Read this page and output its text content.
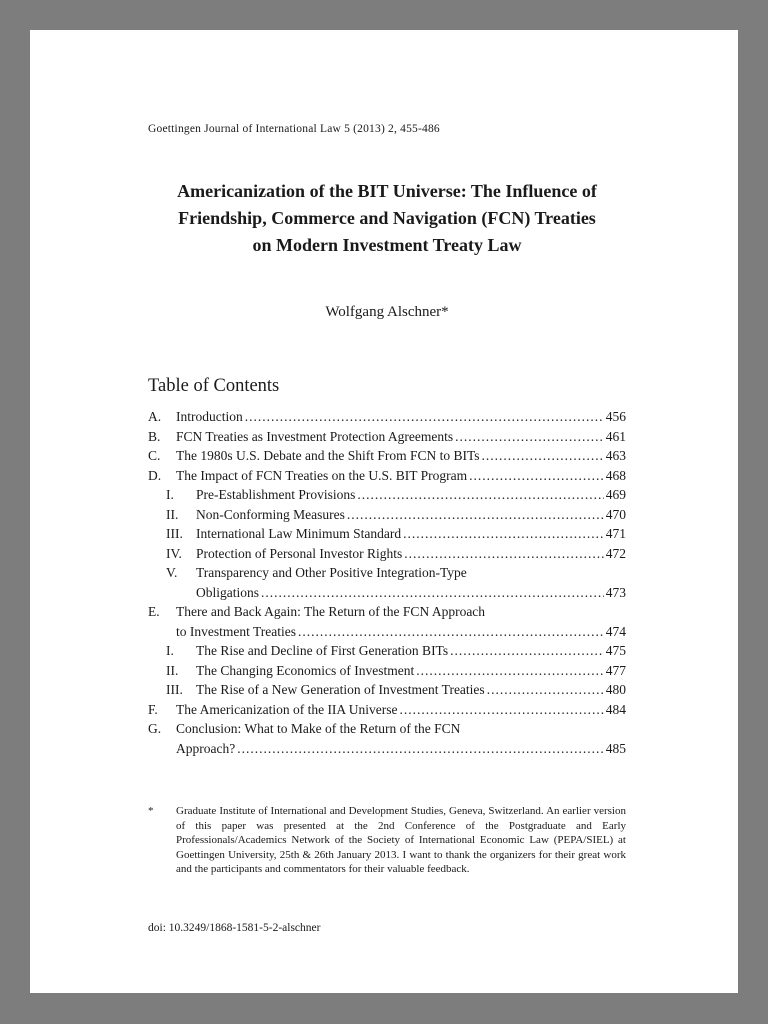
Goettingen Journal of International Law 5 (2013) 2, 455-486
Americanization of the BIT Universe: The Influence of
Friendship, Commerce and Navigation (FCN) Treaties
on Modern Investment Treaty Law
Wolfgang Alschner*
Table of Contents
A.	Introduction .....	456
B.	FCN Treaties as Investment Protection Agreements .....	461
C.	The 1980s U.S. Debate and the Shift From FCN to BITs .....	463
D.	The Impact of FCN Treaties on the U.S. BIT Program .....	468
I.	Pre-Establishment Provisions .....	469
II.	Non-Conforming Measures .....	470
III. International Law Minimum Standard .....	471
IV.	Protection of Personal Investor Rights .....	472
V.	Transparency and Other Positive Integration-Type
Obligations .....	473
E.	There and Back Again: The Return of the FCN Approach
to Investment Treaties .....	474
I.	The Rise and Decline of First Generation BITs .....	475
II.	The Changing Economics of Investment .....	477
III. The Rise of a New Generation of Investment Treaties .....	480
F.	The Americanization of the IIA Universe .....	484
G.	Conclusion: What to Make of the Return of the FCN
Approach? .....	485
*	Graduate Institute of International and Development Studies, Geneva, Switzerland. An earlier version of this paper was presented at the 2nd Conference of the Postgraduate and Early Professionals/Academics Network of the Society of International Economic Law (PEPA/SIEL) at Goettingen University, 25th & 26th January 2013. I want to thank the organizers for their great work and the participants and commentators for their valuable feedback.
doi: 10.3249/1868-1581-5-2-alschner
